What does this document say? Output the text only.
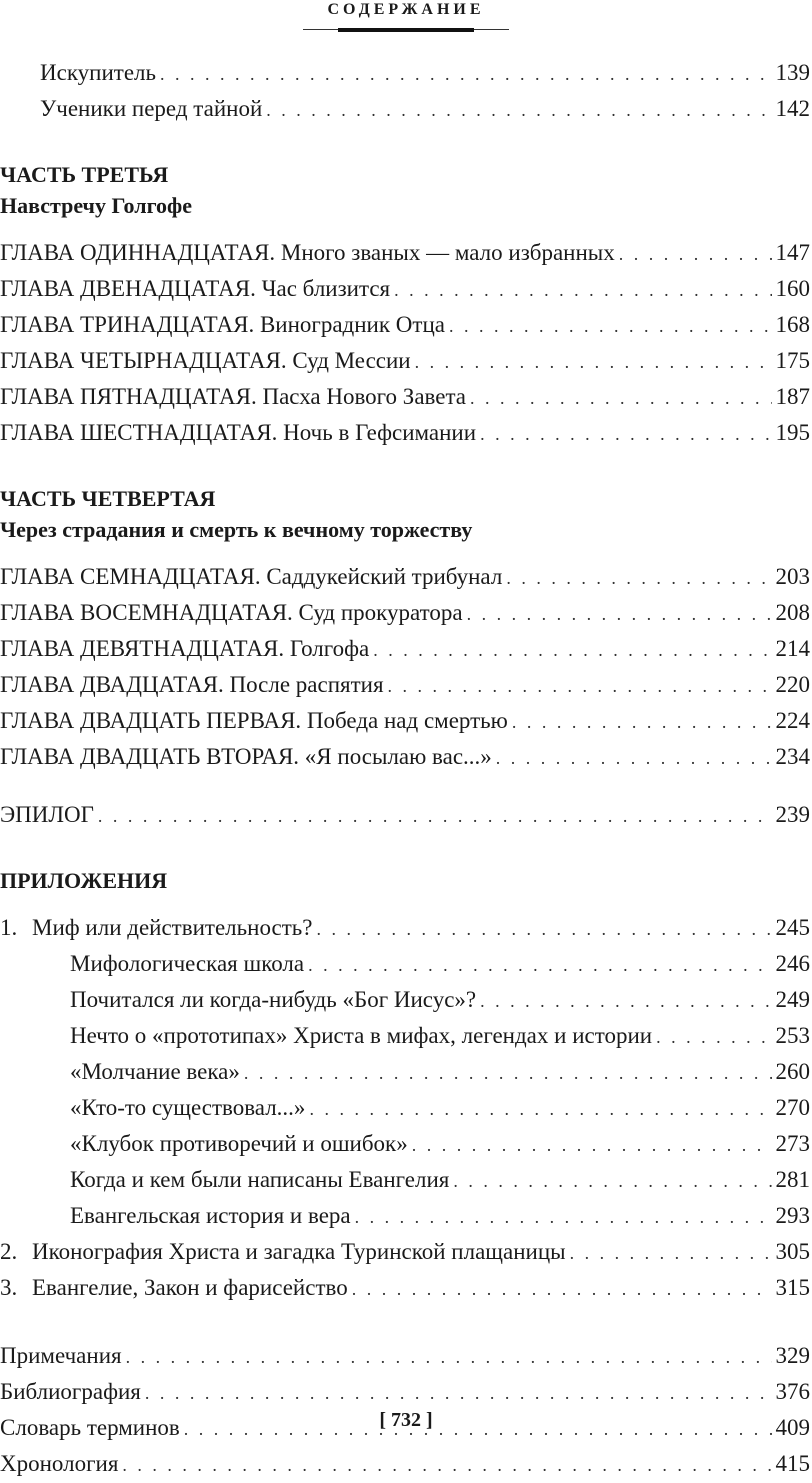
СОДЕРЖАНИЕ
Искупитель . . .	139
Ученики перед тайной . . .	142
ЧАСТЬ ТРЕТЬЯ
Навстречу Голгофе
ГЛАВА ОДИННАДЦАТАЯ. Много званых — мало избранных . . .	147
ГЛАВА ДВЕНАДЦАТАЯ. Час близится . . .	160
ГЛАВА ТРИНАДЦАТАЯ. Виноградник Отца . . .	168
ГЛАВА ЧЕТЫРНАДЦАТАЯ. Суд Мессии . . .	175
ГЛАВА ПЯТНАДЦАТАЯ. Пасха Нового Завета . . .	187
ГЛАВА ШЕСТНАДЦАТАЯ. Ночь в Гефсимании . . .	195
ЧАСТЬ ЧЕТВЕРТАЯ
Через страдания и смерть к вечному торжеству
ГЛАВА СЕМНАДЦАТАЯ. Саддукейский трибунал . . .	203
ГЛАВА ВОСЕМНАДЦАТАЯ. Суд прокуратора . . .	208
ГЛАВА ДЕВЯТНАДЦАТАЯ. Голгофа . . .	214
ГЛАВА ДВАДЦАТАЯ. После распятия . . .	220
ГЛАВА ДВАДЦАТЬ ПЕРВАЯ. Победа над смертью . . .	224
ГЛАВА ДВАДЦАТЬ ВТОРАЯ. «Я посылаю вас...» . . .	234
ЭПИЛОГ . . .	239
ПРИЛОЖЕНИЯ
1. Миф или действительность? . . .	245
Мифологическая школа . . .	246
Почитался ли когда-нибудь «Бог Иисус»? . . .	249
Нечто о «прототипах» Христа в мифах, легендах и истории . . .	253
«Молчание века» . . .	260
«Кто-то существовал...» . . .	270
«Клубок противоречий и ошибок» . . .	273
Когда и кем были написаны Евангелия . . .	281
Евангельская история и вера . . .	293
2. Иконография Христа и загадка Туринской плащаницы . . .	305
3. Евангелие, Закон и фарисейство . . .	315
Примечания . . .	329
Библиография . . .	376
Словарь терминов . . .	409
Хронология . . .	415
[ 732 ]
